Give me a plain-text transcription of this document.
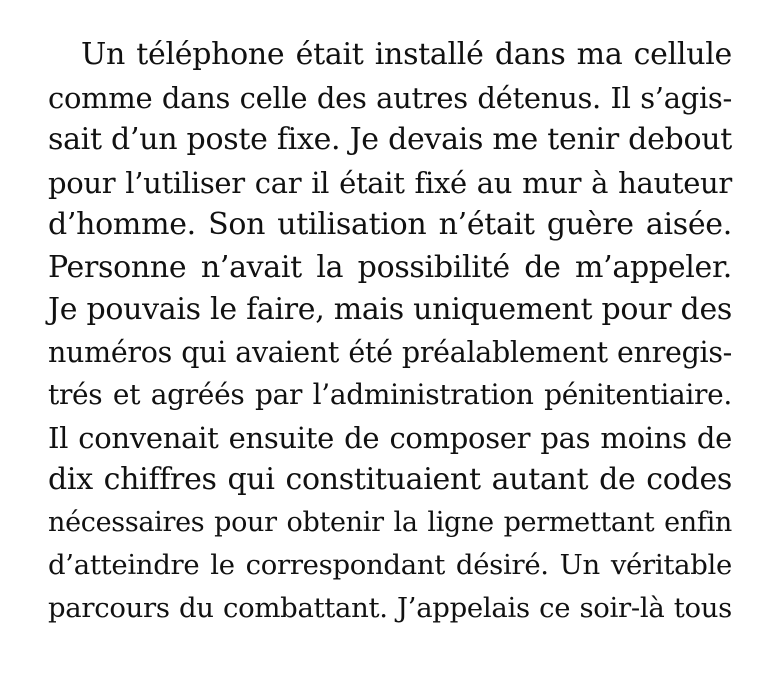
Un téléphone était installé dans ma cellule
comme dans celle des autres détenus. Il s’agis-
sait d’un poste fixe. Je devais me tenir debout
pour l’utiliser car il était fixé au mur à hauteur
d’homme. Son utilisation n’était guère aisée.
Personne n’avait la possibilité de m’appeler.
Je pouvais le faire, mais uniquement pour des
numéros qui avaient été préalablement enregis-
trés et agréés par l’administration pénitentiaire.
Il convenait ensuite de composer pas moins de
dix chiffres qui constituaient autant de codes
nécessaires pour obtenir la ligne permettant enfin
d’atteindre le correspondant désiré. Un véritable
parcours du combattant. J’appelais ce soir-là tous
